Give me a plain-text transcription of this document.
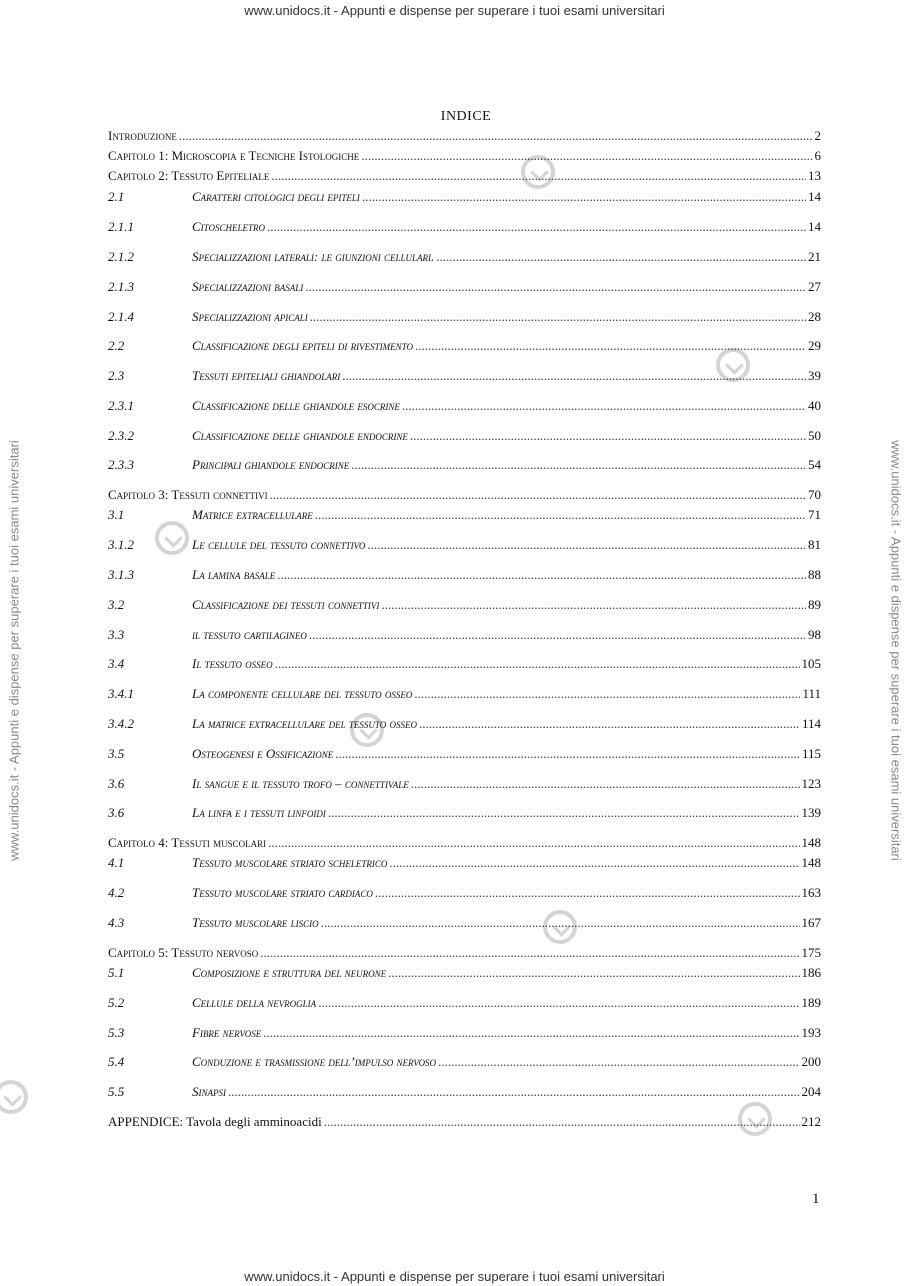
www.unidocs.it - Appunti e dispense per superare i tuoi esami universitari
www.unidocs.it - Appunti e dispense per superare i tuoi esami universitari
www.unidocs.it - Appunti e dispense per superare i tuoi esami universitari	www.unidocs.it - Appunti e dispense per superare i tuoi esami universitari
INDICE
Introduzione .....	2
Capitolo 1: Microscopia e Tecniche Istologiche .....	6
Capitolo 2: Tessuto Epiteliale .....	13
2.1	Caratteri citologici degli epiteli .....	14
2.1.1	Citoscheletro .....	14
2.1.2	Specializzazioni laterali: le giunzioni cellulari. .....	21
2.1.3	Specializzazioni basali .....	27
2.1.4	Specializzazioni apicali .....	28
2.2	Classificazione degli epiteli di rivestimento .....	29
2.3	Tessuti epiteliali ghiandolari .....	39
2.3.1	Classificazione delle ghiandole esocrine .....	40
2.3.2	Classificazione delle ghiandole endocrine .....	50
2.3.3	Principali ghiandole endocrine .....	54
Capitolo 3: Tessuti connettivi .....	70
3.1	Matrice extracellulare .....	71
3.1.2	Le cellule del tessuto connettivo .....	81
3.1.3	La lamina basale .....	88
3.2	Classificazione dei tessuti connettivi .....	89
3.3	il tessuto cartilagineo .....	98
3.4	Il tessuto osseo .....	105
3.4.1	La componente cellulare del tessuto osseo .....	111
3.4.2	La matrice extracellulare del tessuto osseo .....	114
3.5	Osteogenesi e Ossificazione .....	115
3.6	Il sangue e il tessuto trofo – connettivale .....	123
3.6	La linfa e i tessuti linfoidi .....	139
Capitolo 4: Tessuti muscolari .....	148
4.1	Tessuto muscolare striato scheletrico .....	148
4.2	Tessuto muscolare striato cardiaco .....	163
4.3	Tessuto muscolare liscio .....	167
Capitolo 5: Tessuto nervoso .....	175
5.1	Composizione e struttura del neurone .....	186
5.2	Cellule della nevroglia .....	189
5.3	Fibre nervose .....	193
5.4	Conduzione e trasmissione dell’impulso nervoso .....	200
5.5	Sinapsi .....	204
APPENDICE: Tavola degli amminoacidi .....	212
1
